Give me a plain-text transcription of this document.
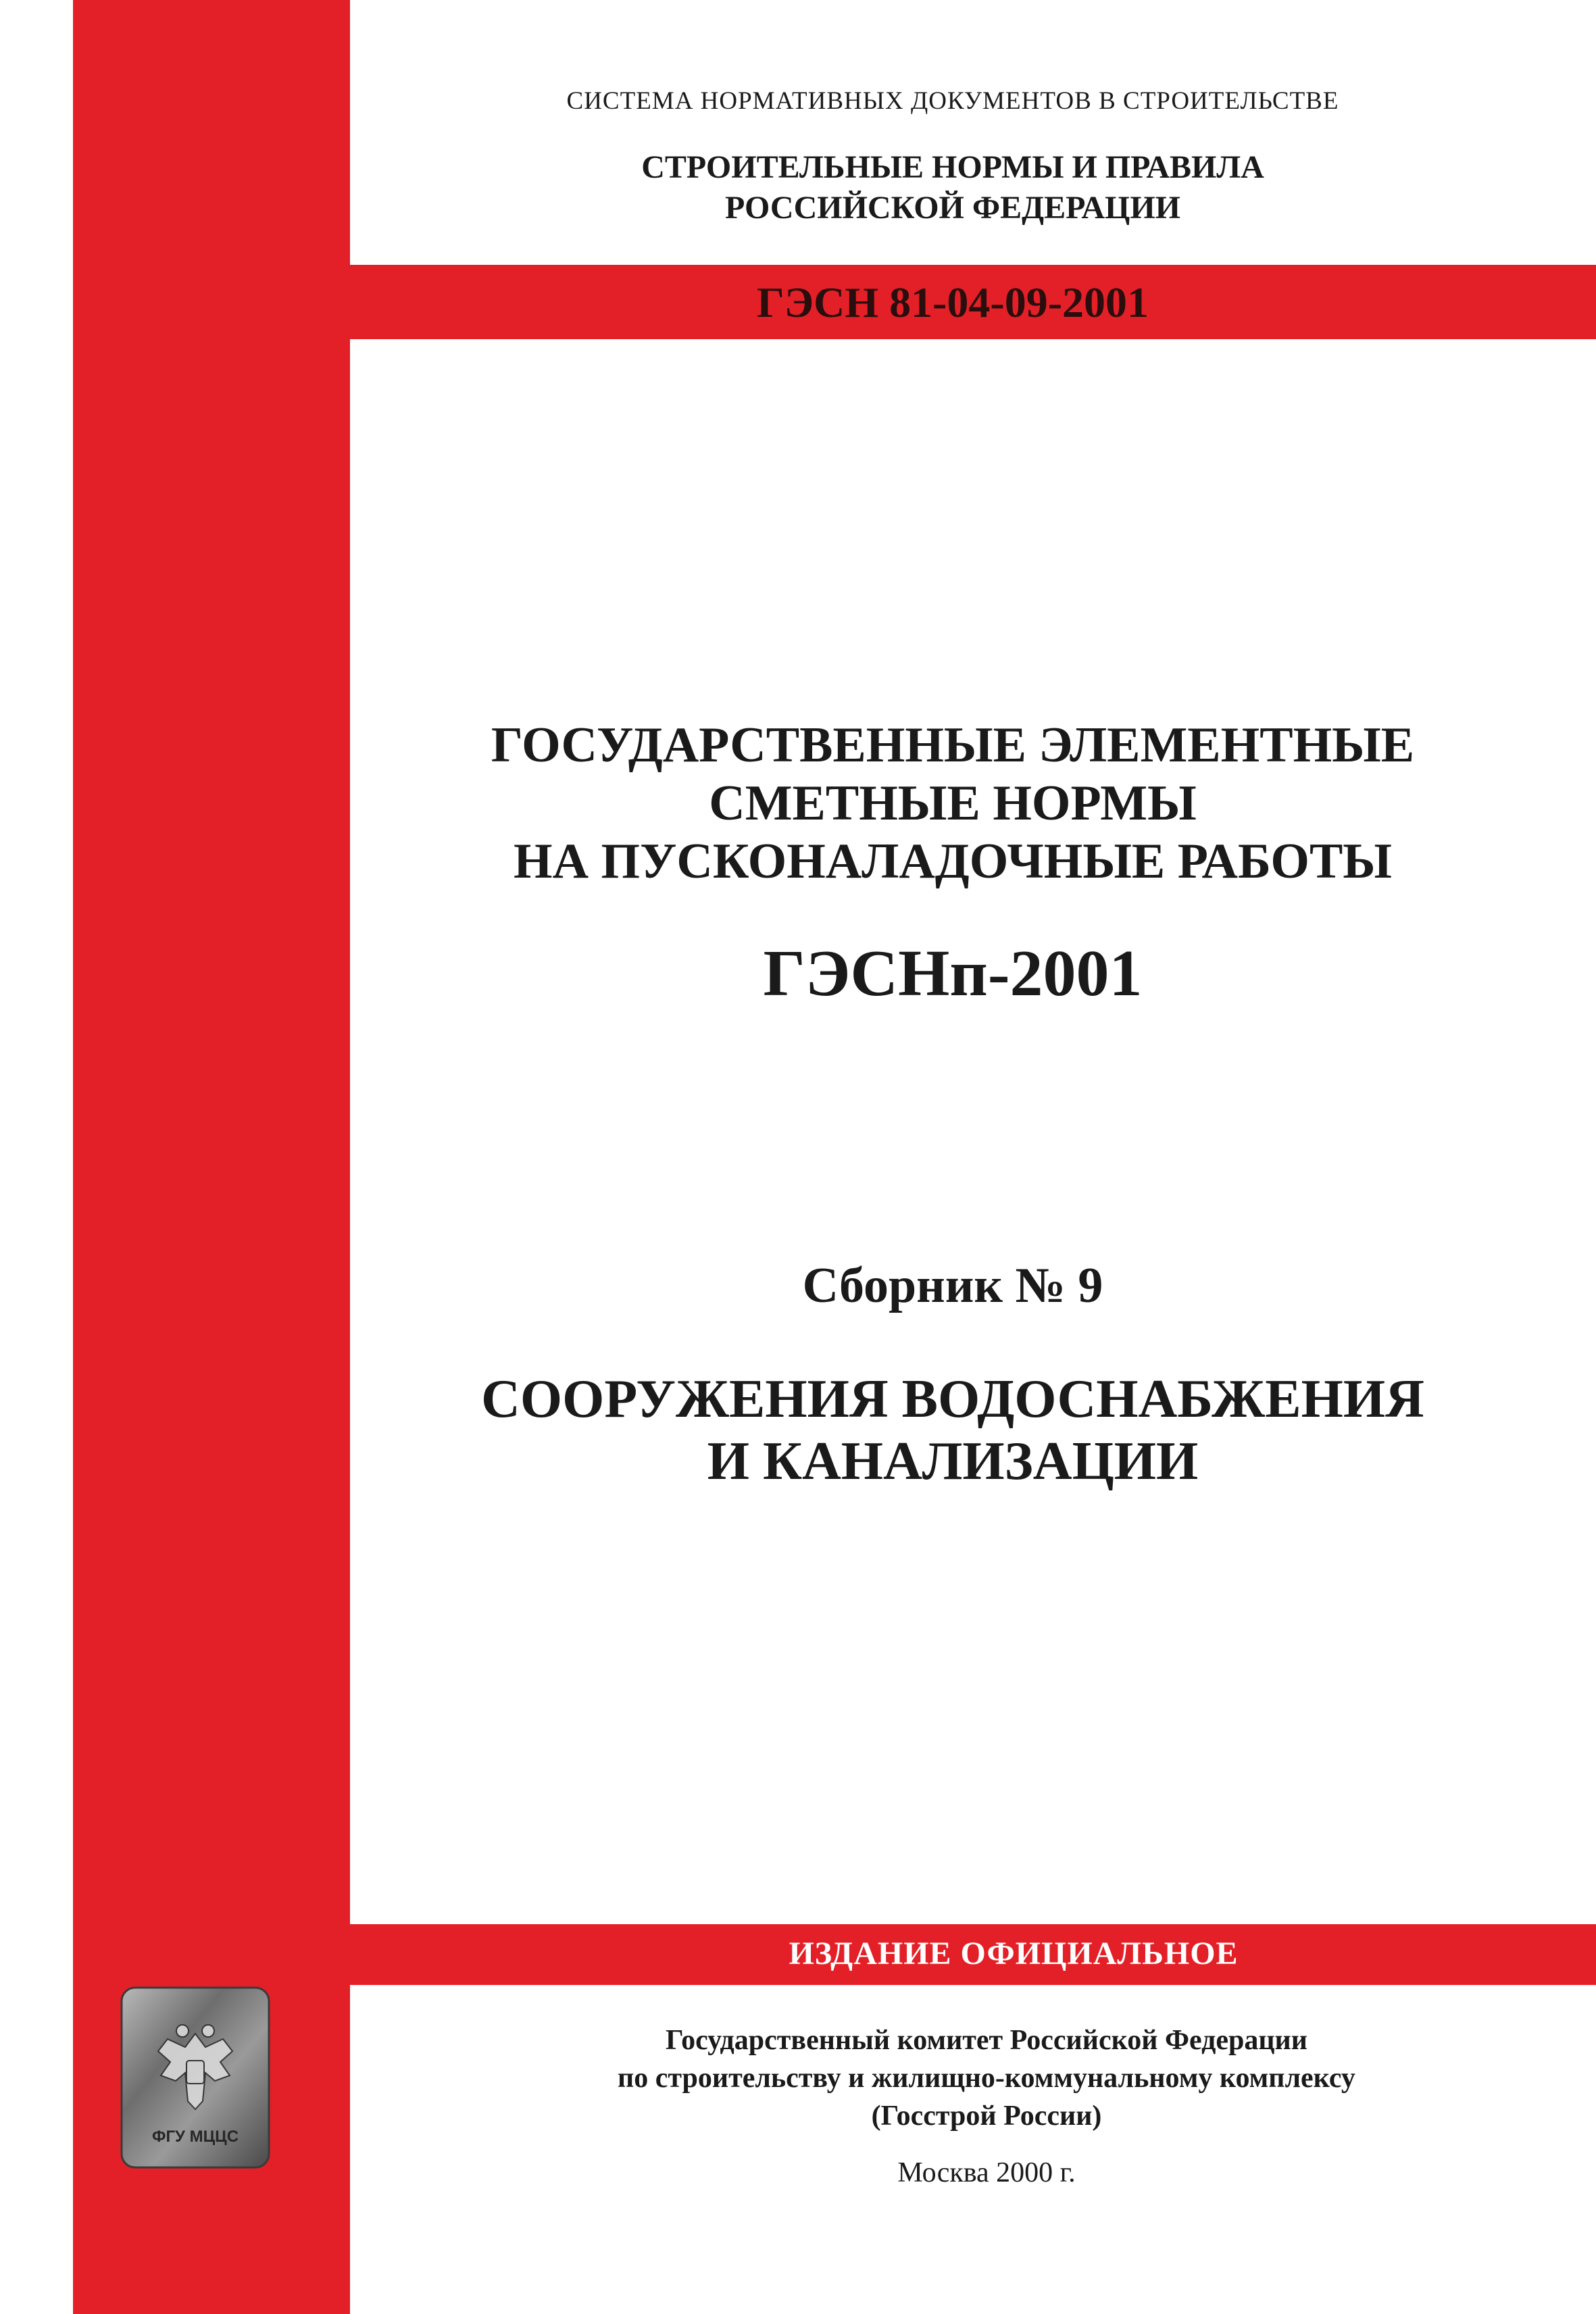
СИСТЕМА НОРМАТИВНЫХ ДОКУМЕНТОВ В СТРОИТЕЛЬСТВЕ
СТРОИТЕЛЬНЫЕ НОРМЫ И ПРАВИЛА
РОССИЙСКОЙ ФЕДЕРАЦИИ
ГЭСН 81-04-09-2001
ГОСУДАРСТВЕННЫЕ ЭЛЕМЕНТНЫЕ
СМЕТНЫЕ НОРМЫ
НА ПУСКОНАЛАДОЧНЫЕ РАБОТЫ
ГЭСНп-2001
Сборник № 9
СООРУЖЕНИЯ ВОДОСНАБЖЕНИЯ
И КАНАЛИЗАЦИИ
ИЗДАНИЕ ОФИЦИАЛЬНОЕ
ФГУ МЦЦС
Государственный комитет Российской Федерации
по строительству и жилищно-коммунальному комплексу
(Госстрой России)
Москва 2000 г.
